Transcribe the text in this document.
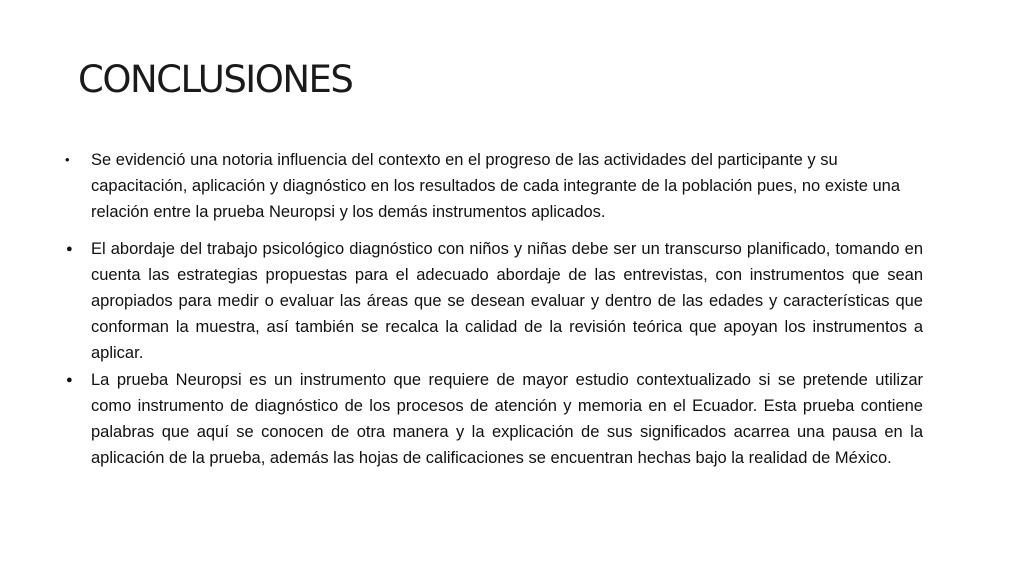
CONCLUSIONES
•	Se evidenció una notoria influencia del contexto en el progreso de las actividades del participante y su capacitación, aplicación y diagnóstico en los resultados de cada integrante de la población pues, no existe una relación entre la prueba Neuropsi y los demás instrumentos aplicados.
●	El abordaje del trabajo psicológico diagnóstico con niños y niñas debe ser un transcurso planificado, tomando en cuenta las estrategias propuestas para el adecuado abordaje de las entrevistas, con instrumentos que sean apropiados para medir o evaluar las áreas que se desean evaluar y dentro de las edades y características que conforman la muestra, así también se recalca la calidad de la revisión teórica que apoyan los instrumentos a aplicar.
●	La prueba Neuropsi es un instrumento que requiere de mayor estudio contextualizado si se pretende utilizar como instrumento de diagnóstico de los procesos de atención y memoria en el Ecuador. Esta prueba contiene palabras que aquí se conocen de otra manera y la explicación de sus significados acarrea una pausa en la aplicación de la prueba, además las hojas de calificaciones se encuentran hechas bajo la realidad de México.
